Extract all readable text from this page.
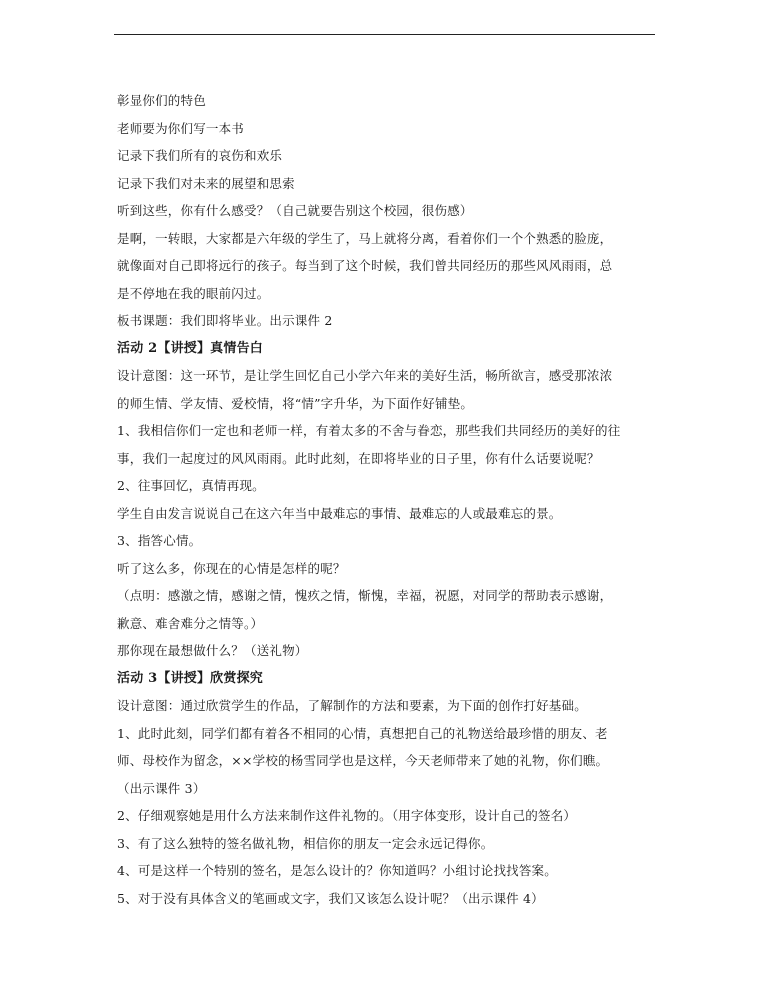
彰显你们的特色
老师要为你们写一本书
记录下我们所有的哀伤和欢乐
记录下我们对未来的展望和思索
听到这些，你有什么感受？（自己就要告别这个校园，很伤感）
是啊，一转眼，大家都是六年级的学生了，马上就将分离，看着你们一个个熟悉的脸庞，
就像面对自己即将远行的孩子。每当到了这个时候，我们曾共同经历的那些风风雨雨，总
是不停地在我的眼前闪过。
板书课题：我们即将毕业。出示课件 2
活动 2【讲授】真情告白
设计意图：这一环节，是让学生回忆自己小学六年来的美好生活，畅所欲言，感受那浓浓
的师生情、学友情、爱校情，将“情”字升华，为下面作好铺垫。
1、我相信你们一定也和老师一样，有着太多的不舍与眷恋，那些我们共同经历的美好的往
事，我们一起度过的风风雨雨。此时此刻，在即将毕业的日子里，你有什么话要说呢？
2、往事回忆，真情再现。
学生自由发言说说自己在这六年当中最难忘的事情、最难忘的人或最难忘的景。
3、指答心情。
听了这么多，你现在的心情是怎样的呢？
（点明：感激之情，感谢之情，愧疚之情，惭愧，幸福，祝愿，对同学的帮助表示感谢，
歉意、难舍难分之情等。）
那你现在最想做什么？（送礼物）
活动 3【讲授】欣赏探究
设计意图：通过欣赏学生的作品，了解制作的方法和要素，为下面的创作打好基础。
1、此时此刻，同学们都有着各不相同的心情，真想把自己的礼物送给最珍惜的朋友、老
师、母校作为留念，××学校的杨雪同学也是这样，今天老师带来了她的礼物，你们瞧。
（出示课件 3）
2、仔细观察她是用什么方法来制作这件礼物的。（用字体变形，设计自己的签名）
3、有了这么独特的签名做礼物，相信你的朋友一定会永远记得你。
4、可是这样一个特别的签名，是怎么设计的？你知道吗？小组讨论找找答案。
5、对于没有具体含义的笔画或文字，我们又该怎么设计呢？（出示课件 4）
